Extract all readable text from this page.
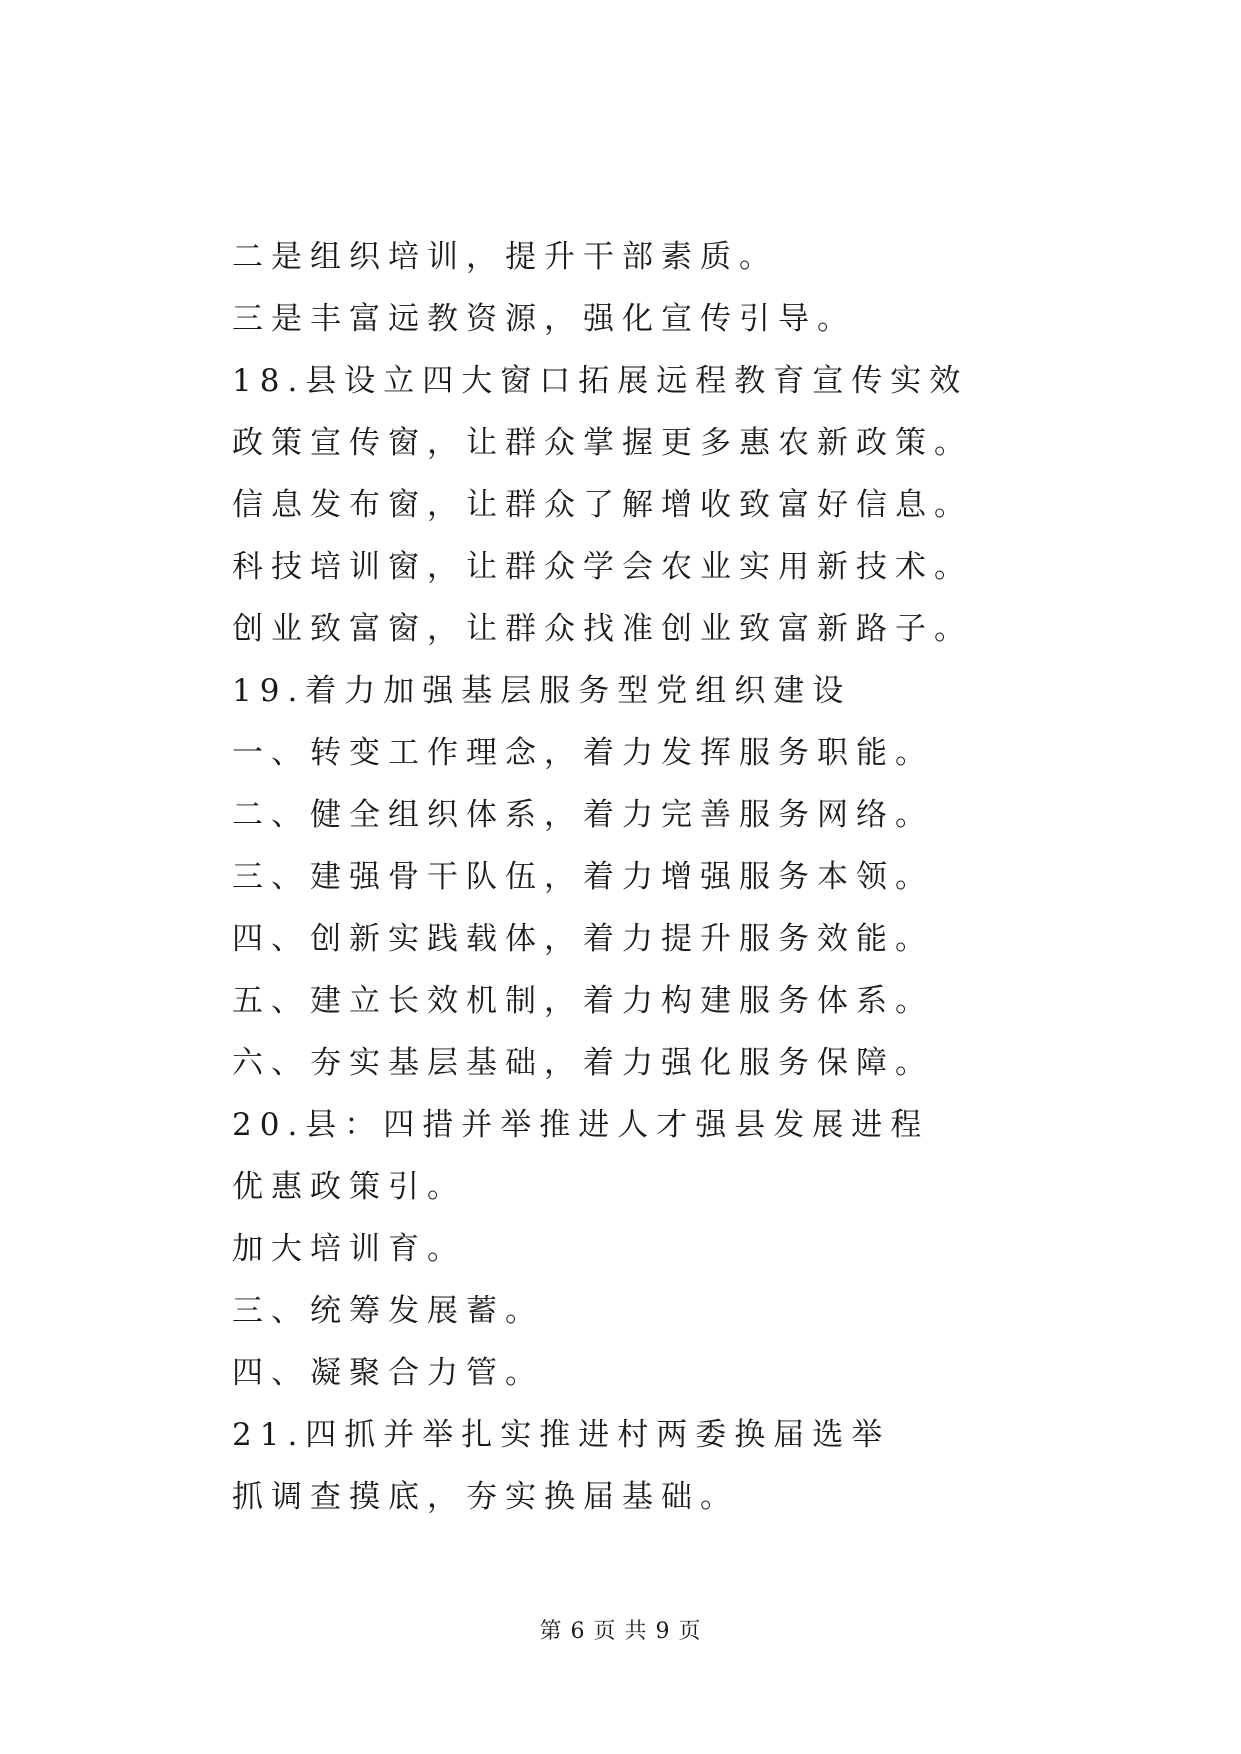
二是组织培训，提升干部素质。
三是丰富远教资源，强化宣传引导。
18.县设立四大窗口拓展远程教育宣传实效
政策宣传窗，让群众掌握更多惠农新政策。
信息发布窗，让群众了解增收致富好信息。
科技培训窗，让群众学会农业实用新技术。
创业致富窗，让群众找准创业致富新路子。
19.着力加强基层服务型党组织建设
一、转变工作理念，着力发挥服务职能。
二、健全组织体系，着力完善服务网络。
三、建强骨干队伍，着力增强服务本领。
四、创新实践载体，着力提升服务效能。
五、建立长效机制，着力构建服务体系。
六、夯实基层基础，着力强化服务保障。
20.县：四措并举推进人才强县发展进程
优惠政策引。
加大培训育。
三、统筹发展蓄。
四、凝聚合力管。
21.四抓并举扎实推进村两委换届选举
抓调查摸底，夯实换届基础。
第 6 页 共 9 页
